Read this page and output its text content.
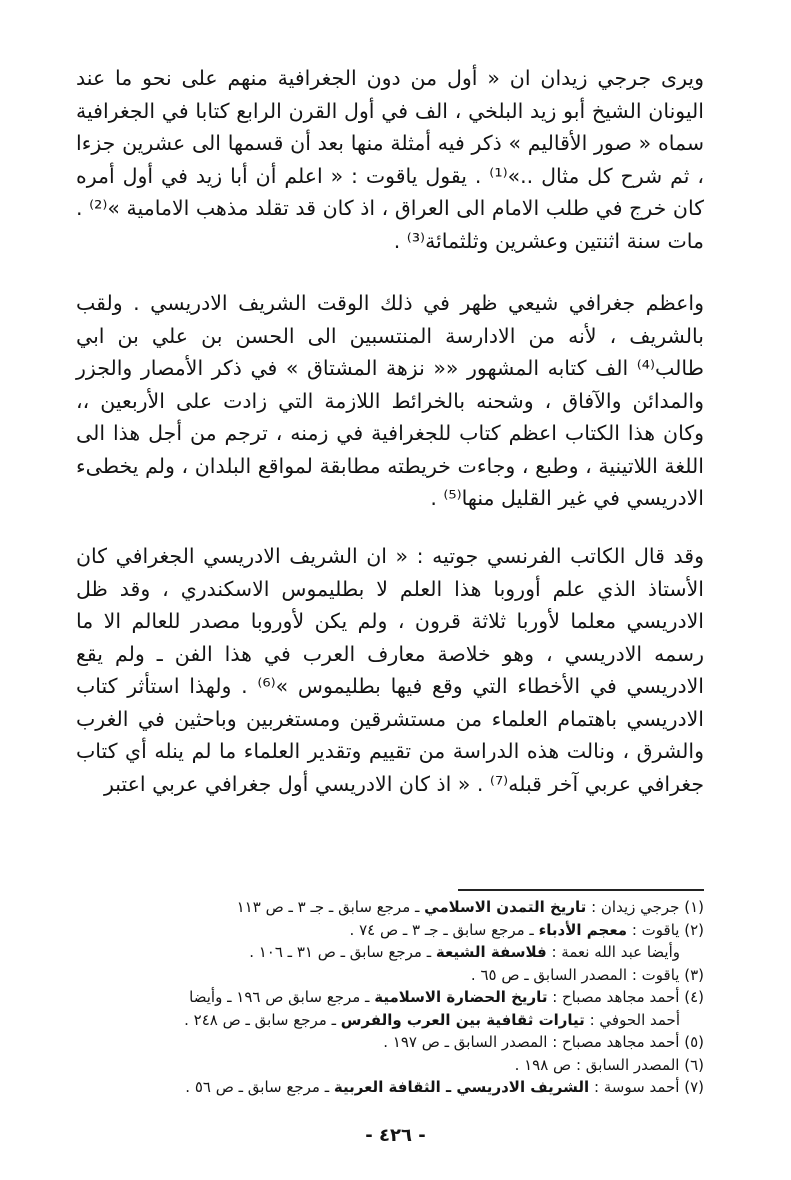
ويرى جرجي زيدان ان « أول من دون الجغرافية منهم على نحو ما عند اليونان الشيخ أبو زيد البلخي ، الف في أول القرن الرابع كتابا في الجغرافية سماه « صور الأقاليم » ذكر فيه أمثلة منها بعد أن قسمها الى عشرين جزءا ، ثم شرح كل مثال ..»⁽¹⁾ . يقول ياقوت : « اعلم أن أبا زيد في أول أمره كان خرج في طلب الامام الى العراق ، اذ كان قد تقلد مذهب الامامية »⁽²⁾ . مات سنة اثنتين وعشرين وثلثمائة⁽³⁾ .

واعظم جغرافي شيعي ظهر في ذلك الوقت الشريف الادريسي . ولقب بالشريف ، لأنه من الادارسة المنتسبين الى الحسن بن علي بن ابي طالب⁽⁴⁾ الف كتابه المشهور «« نزهة المشتاق » في ذكر الأمصار والجزر والمدائن والآفاق ، وشحنه بالخرائط اللازمة التي زادت على الأربعين ،، وكان هذا الكتاب اعظم كتاب للجغرافية في زمنه ، ترجم من أجل هذا الى اللغة اللاتينية ، وطبع ، وجاءت خريطته مطابقة لمواقع البلدان ، ولم يخطىء الادريسي في غير القليل منها⁽⁵⁾ .

وقد قال الكاتب الفرنسي جوتيه : « ان الشريف الادريسي الجغرافي كان الأستاذ الذي علم أوروبا هذا العلم لا بطليموس الاسكندري ، وقد ظل الادريسي معلما لأوربا ثلاثة قرون ، ولم يكن لأوروبا مصدر للعالم الا ما رسمه الادريسي ، وهو خلاصة معارف العرب في هذا الفن ـ ولم يقع الادريسي في الأخطاء التي وقع فيها بطليموس »⁽⁶⁾ . ولهذا استأثر كتاب الادريسي باهتمام العلماء من مستشرقين ومستغربين وباحثين في الغرب والشرق ، ونالت هذه الدراسة من تقييم وتقدير العلماء ما لم ينله أي كتاب جغرافي عربي آخر قبله⁽⁷⁾ . « اذ كان الادريسي أول جغرافي عربي اعتبر

(١) جرجي زيدان : تاريخ التمدن الاسلامي ـ مرجع سابق ـ جـ ٣ ـ ص ١١٣
(٢) ياقوت : معجم الأدباء ـ مرجع سابق ـ جـ ٣ ـ ص ٧٤ .
وأيضا عبد الله نعمة : فلاسفة الشيعة ـ مرجع سابق ـ ص ٣١ ـ ١٠٦ .
(٣) ياقوت : المصدر السابق ـ ص ٦٥ .
(٤) أحمد مجاهد مصباح : تاريخ الحضارة الاسلامية ـ مرجع سابق ص ١٩٦ ـ وأيضا
أحمد الحوفي : تيارات ثقافية بين العرب والفرس ـ مرجع سابق ـ ص ٢٤٨ .
(٥) أحمد مجاهد مصباح : المصدر السابق ـ ص ١٩٧ .
(٦) المصدر السابق : ص ١٩٨ .
(٧) أحمد سوسة : الشريف الادريسي ـ الثقافة العربية ـ مرجع سابق ـ ص ٥٦ .
- ٤٢٦ -
